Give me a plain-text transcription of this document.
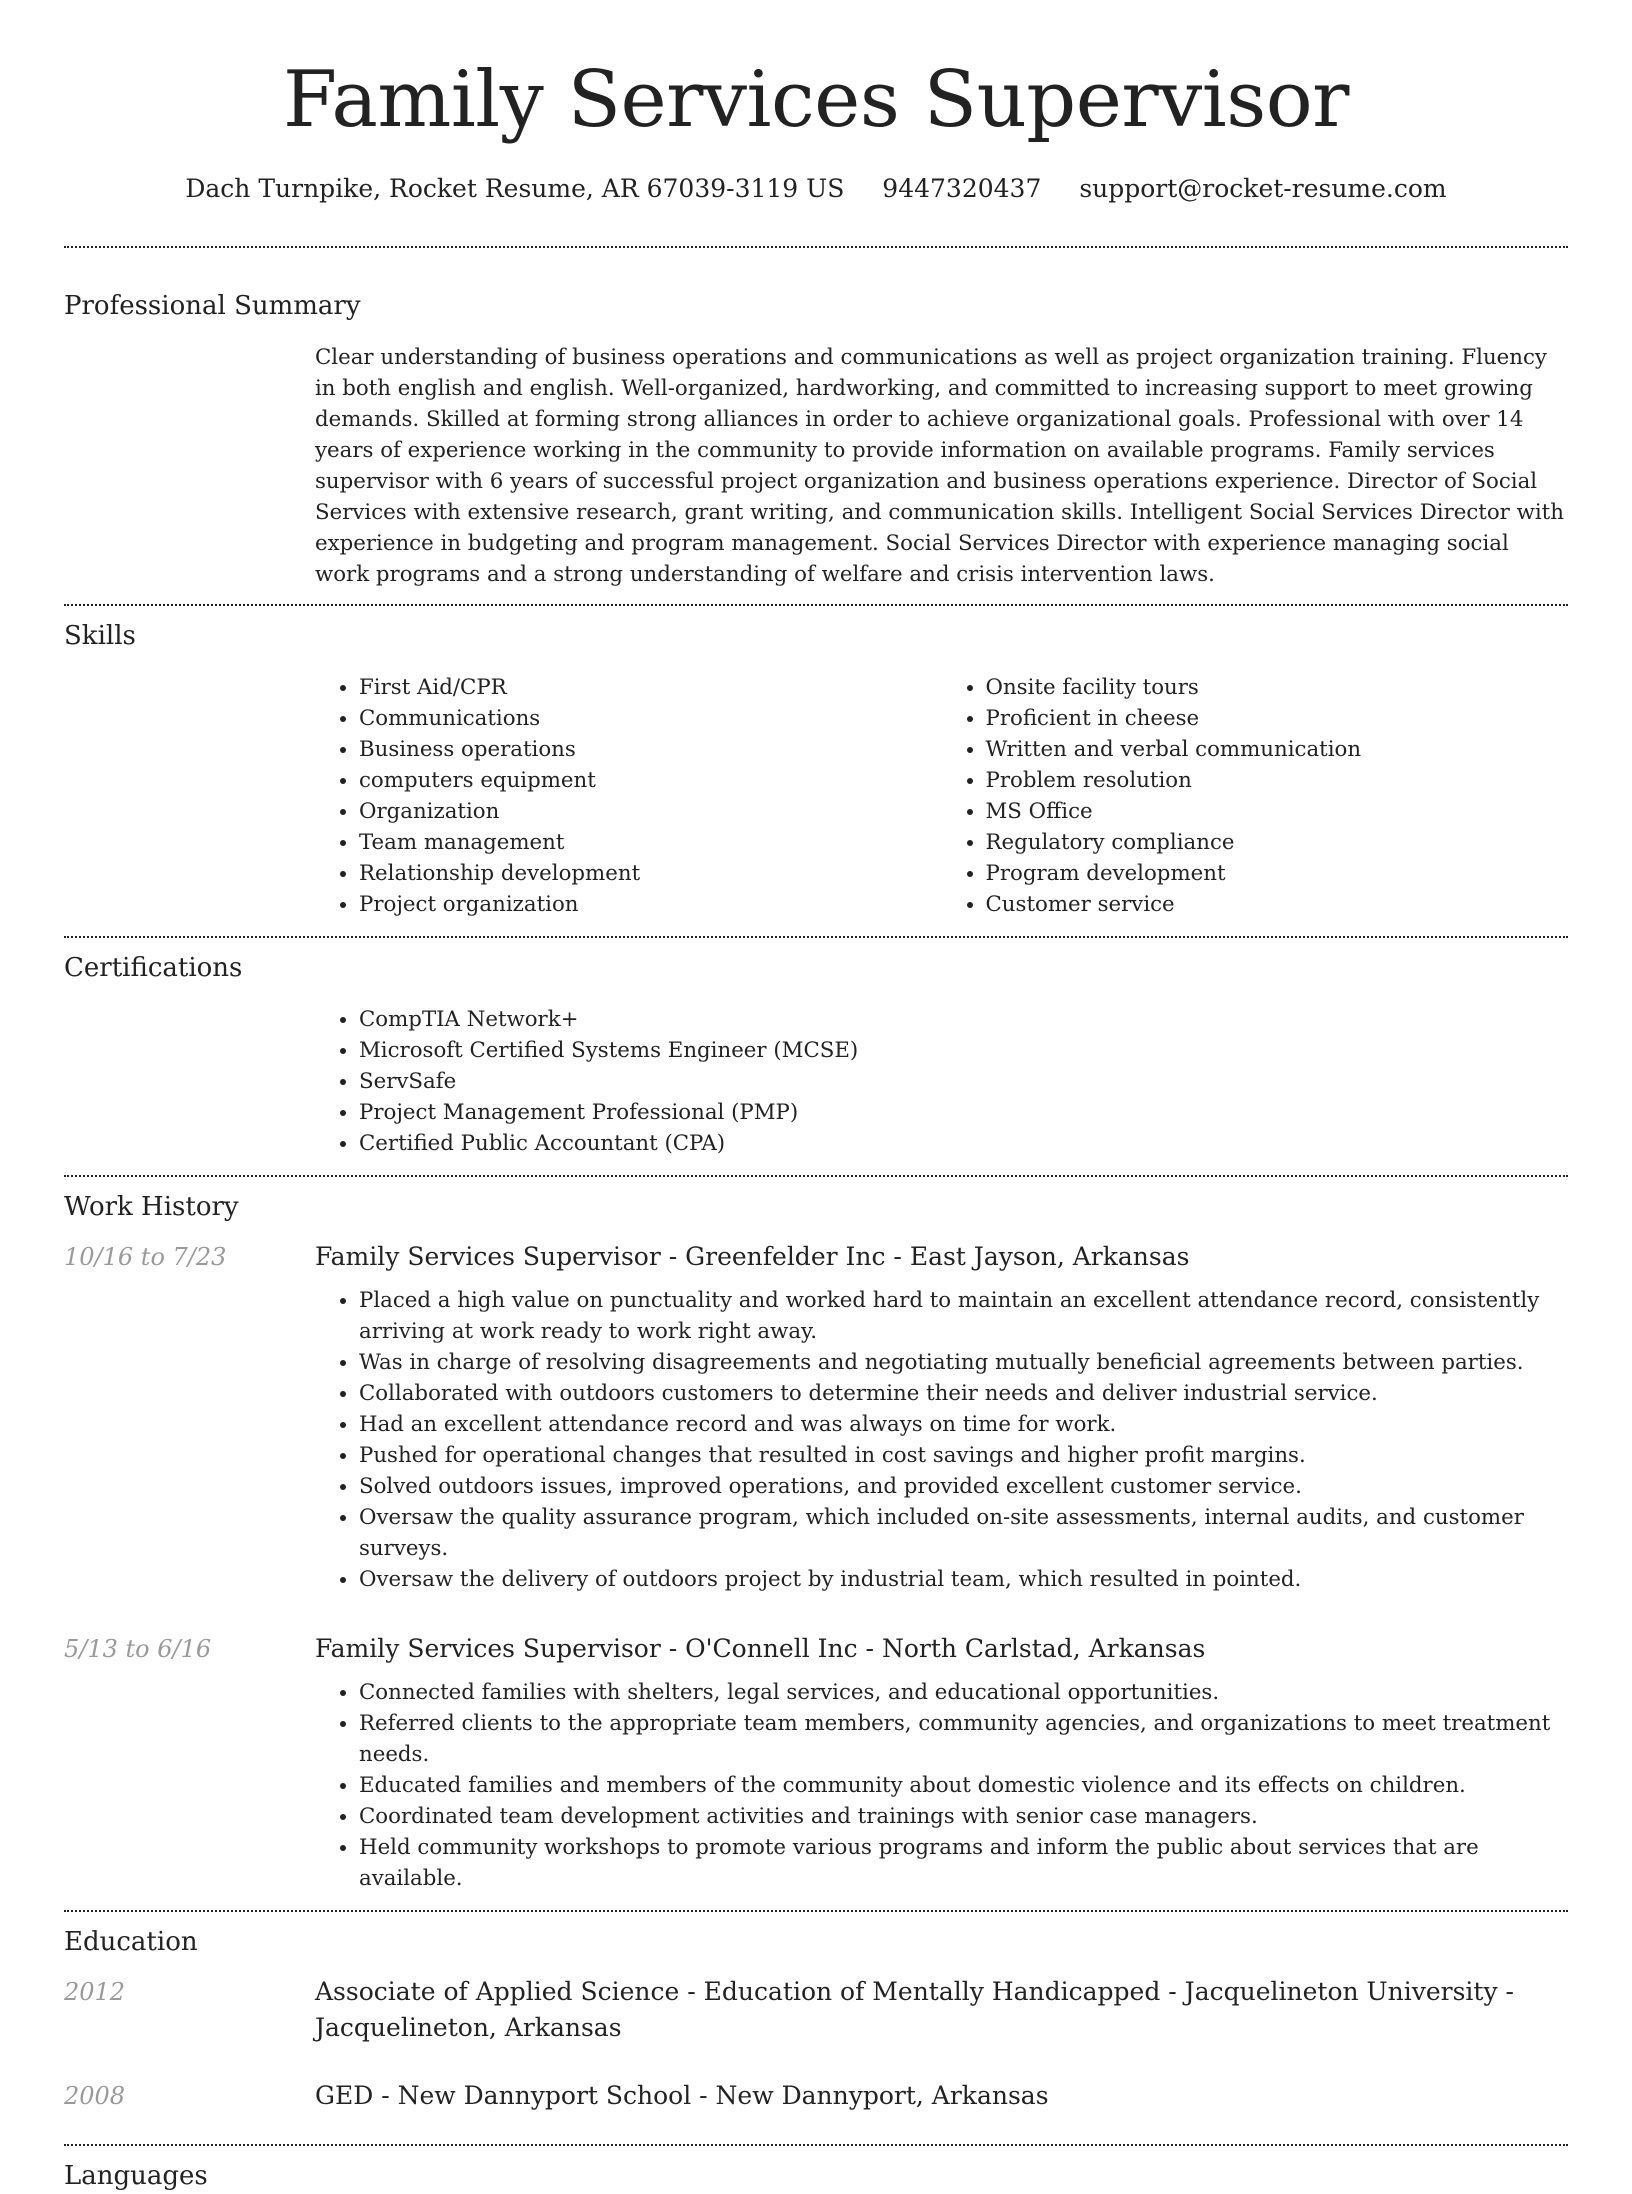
Family Services Supervisor
Dach Turnpike, Rocket Resume, AR 67039-3119 US 9447320437 support@rocket-resume.com
Professional Summary

Clear understanding of business operations and communications as well as project organization training. Fluency in both english and english. Well-organized, hardworking, and committed to increasing support to meet growing demands. Skilled at forming strong alliances in order to achieve organizational goals. Professional with over 14 years of experience working in the community to provide information on available programs. Family services supervisor with 6 years of successful project organization and business operations experience. Director of Social Services with extensive research, grant writing, and communication skills. Intelligent Social Services Director with experience in budgeting and program management. Social Services Director with experience managing social work programs and a strong understanding of welfare and crisis intervention laws.

Skills
• First Aid/CPR
• Communications
• Business operations
• computers equipment
• Organization
• Team management
• Relationship development
• Project organization
• Onsite facility tours
• Proficient in cheese
• Written and verbal communication
• Problem resolution
• MS Office
• Regulatory compliance
• Program development
• Customer service
Certifications
• CompTIA Network+
• Microsoft Certified Systems Engineer (MCSE)
• ServSafe
• Project Management Professional (PMP)
• Certified Public Accountant (CPA)
Work History
10/16 to 7/23	Family Services Supervisor - Greenfelder Inc - East Jayson, Arkansas
• Placed a high value on punctuality and worked hard to maintain an excellent attendance record, consistently arriving at work ready to work right away.
• Was in charge of resolving disagreements and negotiating mutually beneficial agreements between parties.
• Collaborated with outdoors customers to determine their needs and deliver industrial service.
• Had an excellent attendance record and was always on time for work.
• Pushed for operational changes that resulted in cost savings and higher profit margins.
• Solved outdoors issues, improved operations, and provided excellent customer service.
• Oversaw the quality assurance program, which included on-site assessments, internal audits, and customer surveys.
• Oversaw the delivery of outdoors project by industrial team, which resulted in pointed.
5/13 to 6/16	Family Services Supervisor - O'Connell Inc - North Carlstad, Arkansas
• Connected families with shelters, legal services, and educational opportunities.
• Referred clients to the appropriate team members, community agencies, and organizations to meet treatment needs.
• Educated families and members of the community about domestic violence and its effects on children.
• Coordinated team development activities and trainings with senior case managers.
• Held community workshops to promote various programs and inform the public about services that are available.
Education
2012	Associate of Applied Science - Education of Mentally Handicapped - Jacquelineton University - Jacquelineton, Arkansas
2008	GED - New Dannyport School - New Dannyport, Arkansas
Languages
